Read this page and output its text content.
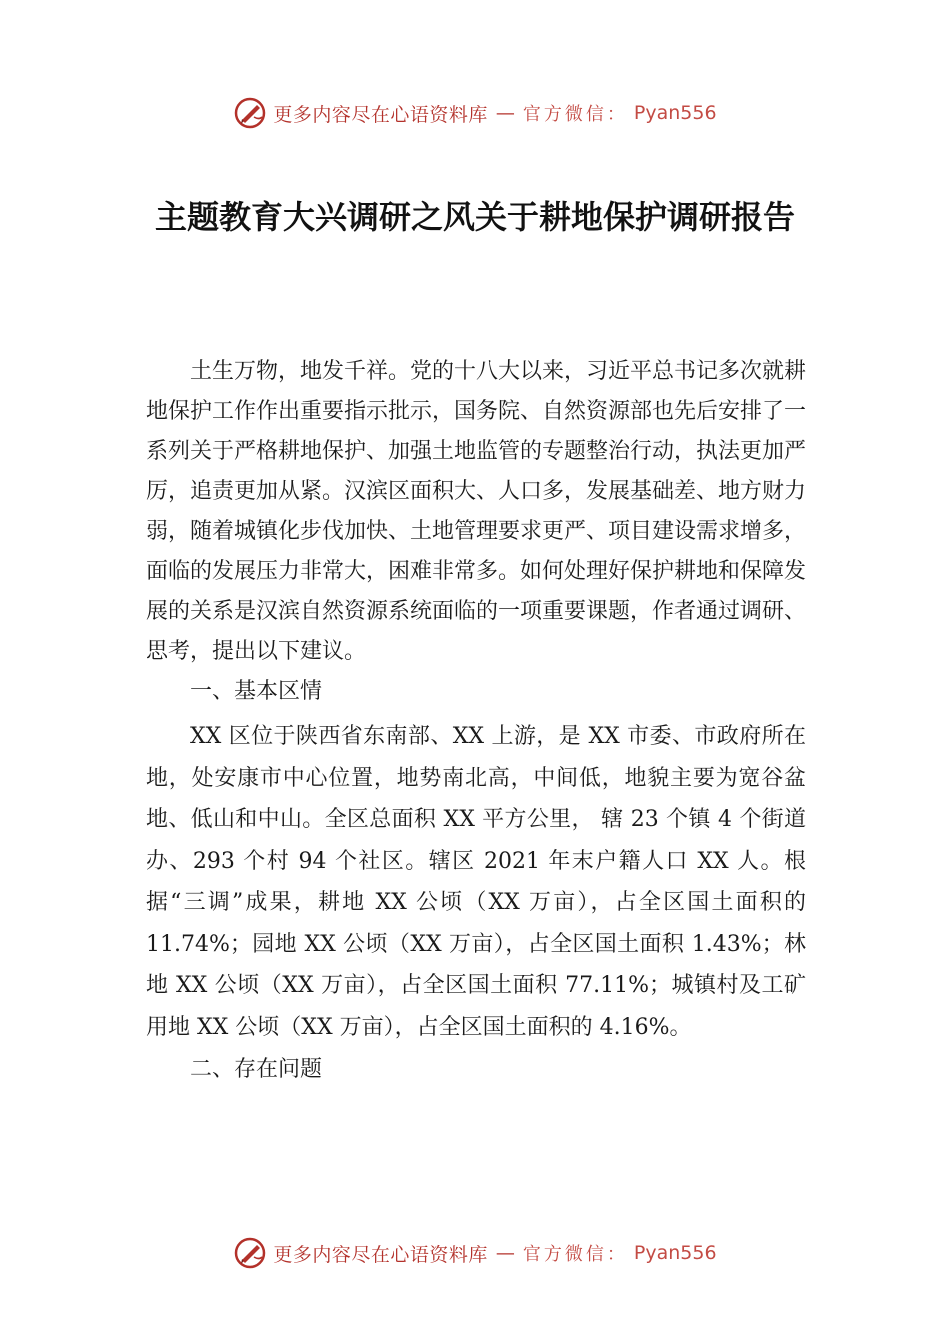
更多内容尽在心语资料库 — 官方微信： Pyan556
主题教育大兴调研之风关于耕地保护调研报告

土生万物，地发千祥。党的十八大以来，习近平总书记多次就耕地保护工作作出重要指示批示，国务院、自然资源部也先后安排了一系列关于严格耕地保护、加强土地监管的专题整治行动，执法更加严厉，追责更加从紧。汉滨区面积大、人口多，发展基础差、地方财力弱，随着城镇化步伐加快、土地管理要求更严、项目建设需求增多，面临的发展压力非常大，困难非常多。如何处理好保护耕地和保障发展的关系是汉滨自然资源系统面临的一项重要课题，作者通过调研、思考，提出以下建议。

一、基本区情

XX 区位于陕西省东南部、XX 上游，是 XX 市委、市政府所在地，处安康市中心位置，地势南北高，中间低，地貌主要为宽谷盆地、低山和中山。全区总面积 XX 平方公里， 辖 23 个镇 4 个街道办、293 个村 94 个社区。辖区 2021 年末户籍人口 XX 人。根据“三调”成果，耕地 XX 公顷（XX 万亩），占全区国土面积的 11.74%；园地 XX 公顷（XX 万亩），占全区国土面积 1.43%；林地 XX 公顷（XX 万亩），占全区国土面积 77.11%；城镇村及工矿用地 XX 公顷（XX 万亩），占全区国土面积的 4.16%。

二、存在问题
更多内容尽在心语资料库 — 官方微信： Pyan556
